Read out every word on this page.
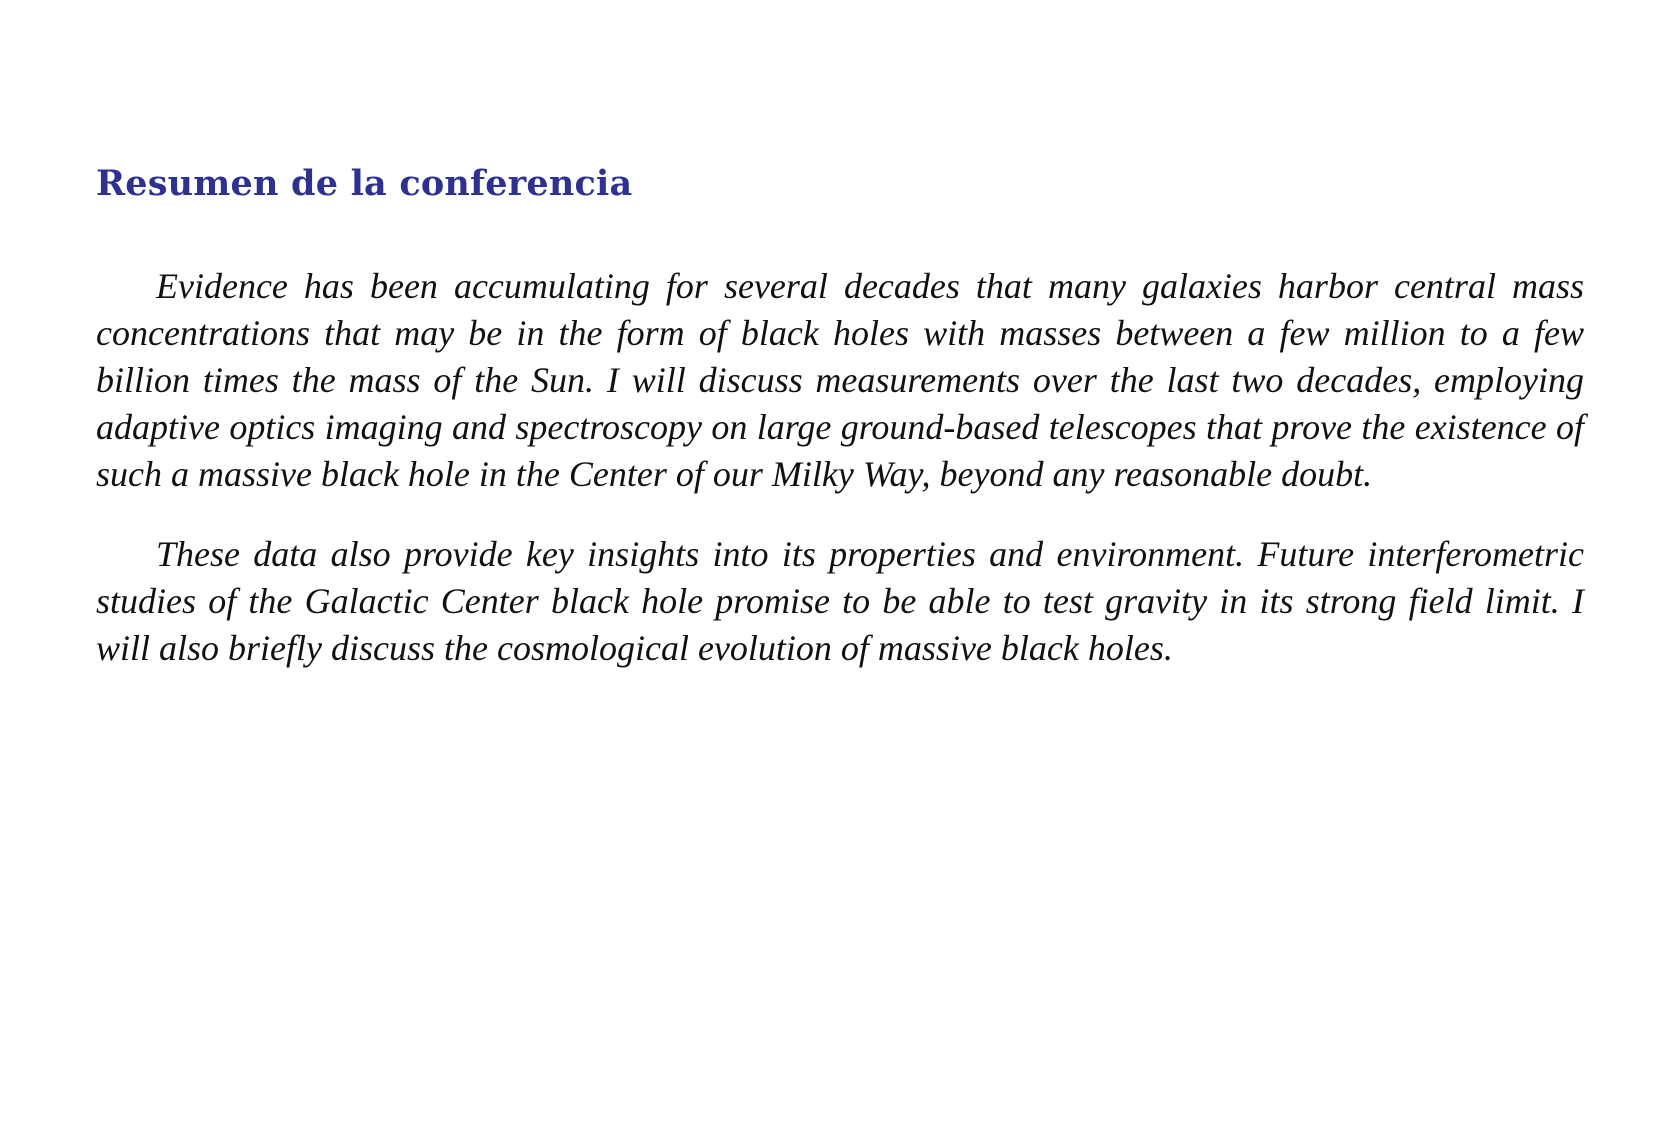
Resumen de la conferencia

Evidence has been accumulating for several decades that many galaxies harbor central mass concentrations that may be in the form of black holes with masses between a few million to a few billion times the mass of the Sun. I will discuss measurements over the last two decades, employing adaptive optics imaging and spectroscopy on large ground-based telescopes that prove the existence of such a massive black hole in the Center of our Milky Way, beyond any reasonable doubt.

These data also provide key insights into its properties and environment. Future interferometric studies of the Galactic Center black hole promise to be able to test gravity in its strong field limit. I will also briefly discuss the cosmological evolution of massive black holes.
